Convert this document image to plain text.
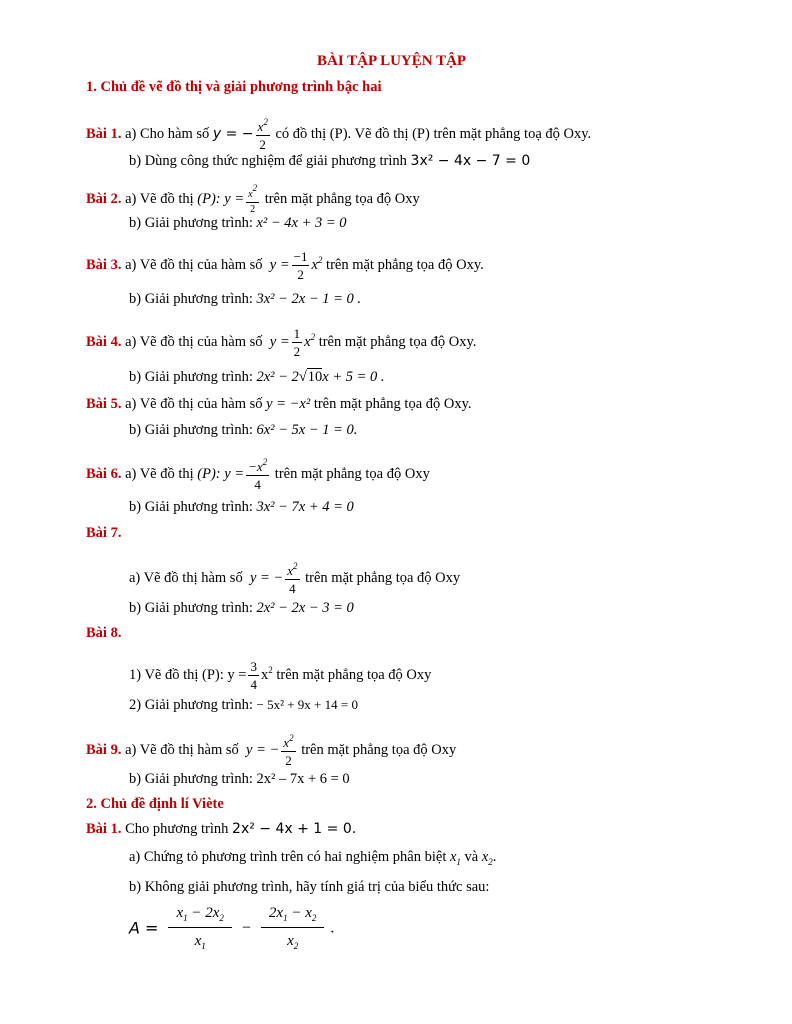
BÀI TẬP LUYỆN TẬP
1. Chủ đề vẽ đồ thị và giải phương trình bậc hai
Bài 1. a) Cho hàm số y = − $\frac{x^2}{2}$ có đồ thị (P). Vẽ đồ thị (P) trên mặt phẳng toạ độ Oxy.
b) Dùng công thức nghiệm để giải phương trình 3x² − 4x − 7 = 0
Bài 2. a) Vẽ đồ thị (P): $y = \frac{x^2}{2}$ trên mặt phẳng tọa độ Oxy
b) Giải phương trình: x² − 4x + 3 = 0
Bài 3. a) Vẽ đồ thị của hàm số  $y = \frac{-1}{2} x^2$ trên mặt phẳng tọa độ Oxy.
b) Giải phương trình: 3x² − 2x − 1 = 0 .
Bài 4. a) Vẽ đồ thị của hàm số  $y = \frac{1}{2} x^2$ trên mặt phẳng tọa độ Oxy.
b) Giải phương trình: 2x² − 2√10x + 5 = 0 .
Bài 5. a) Vẽ đồ thị của hàm số y = −x² trên mặt phẳng tọa độ Oxy.
b) Giải phương trình: 6x² − 5x − 1 = 0.
Bài 6. a) Vẽ đồ thị (P): $y = \frac{-x^2}{4}$ trên mặt phẳng tọa độ Oxy
b) Giải phương trình: 3x² − 7x + 4 = 0
Bài 7.
a) Vẽ đồ thị hàm số  y = − $\frac{x^2}{4}$ trên mặt phẳng tọa độ Oxy
b) Giải phương trình: 2x² − 2x − 3 = 0
Bài 8.
1) Vẽ đồ thị (P): $y = \frac{3}{4} x^2$ trên mặt phẳng tọa độ Oxy
2) Giải phương trình: − 5x² + 9x + 14 = 0
Bài 9. a) Vẽ đồ thị hàm số  y = − $\frac{x^2}{2}$ trên mặt phẳng tọa độ Oxy
b) Giải phương trình: 2x² – 7x + 6 = 0
2. Chủ đề định lí Viète
Bài 1. Cho phương trình 2x² − 4x + 1 = 0.
a) Chứng tỏ phương trình trên có hai nghiệm phân biệt $x_1$ và $x_2$.
b) Không giải phương trình, hãy tính giá trị của biểu thức sau:
$A = \frac{x_1 - 2x_2}{x_1} - \frac{2x_1 - x_2}{x_2}$ .
